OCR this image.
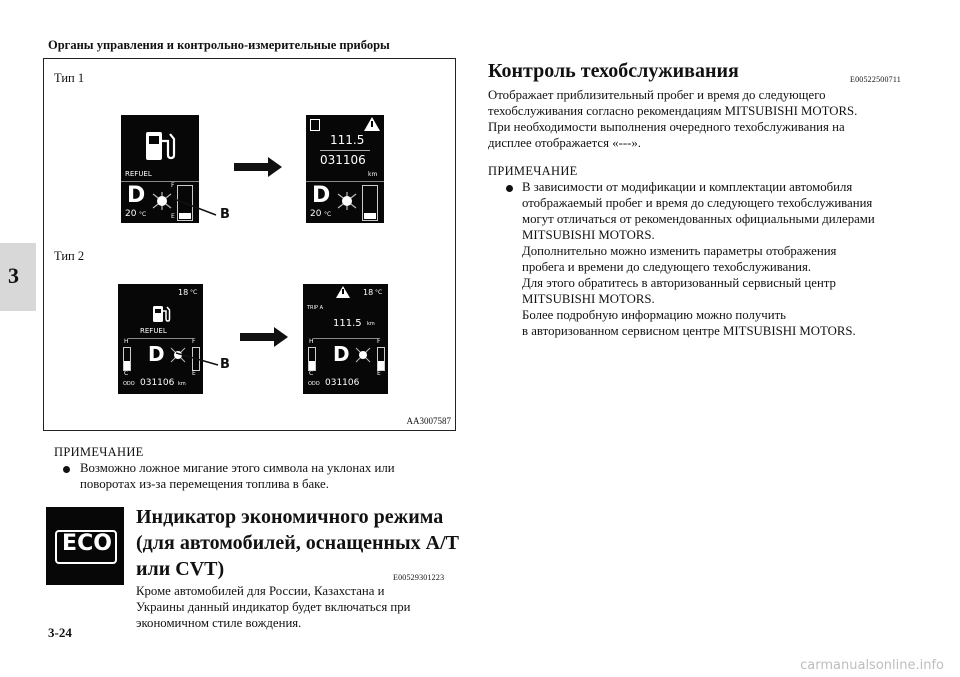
Органы управления и контрольно-измерительные приборы
3
Тип 1
Тип 2
AA3007587
REFUEL
D
20 °C
F
E	B
111.5
031106
km
D
20 °C
18 °C
REFUEL
H
C
D
F
E
ODO 031106 km
B
18 °C
TRIP A
111.5 km
H
C
D
F
E
ODO 031106
ПРИМЕЧАНИЕ
Возможно ложное мигание этого символа на уклонах или
поворотах из-за перемещения топлива в баке.
ECO
Индикатор экономичного режима
(для автомобилей, оснащенных A/T
или CVT)	E00529301223
Кроме автомобилей для России, Казахстана и
Украины данный индикатор будет включаться при
экономичном стиле вождения.
Контроль техобслуживания	E00522500711
Отображает приблизительный пробег и время до следующего
техобслуживания согласно рекомендациям MITSUBISHI MOTORS.
При необходимости выполнения очередного техобслуживания на
дисплее отображается «---».
ПРИМЕЧАНИЕ
В зависимости от модификации и комплектации автомобиля
отображаемый пробег и время до следующего техобслуживания
могут отличаться от рекомендованных официальными дилерами
MITSUBISHI MOTORS.
Дополнительно можно изменить параметры отображения
пробега и времени до следующего техобслуживания.
Для этого обратитесь в авторизованный сервисный центр
MITSUBISHI MOTORS.
Более подробную информацию можно получить
в авторизованном сервисном центре MITSUBISHI MOTORS.
3-24
carmanualsonline.info
